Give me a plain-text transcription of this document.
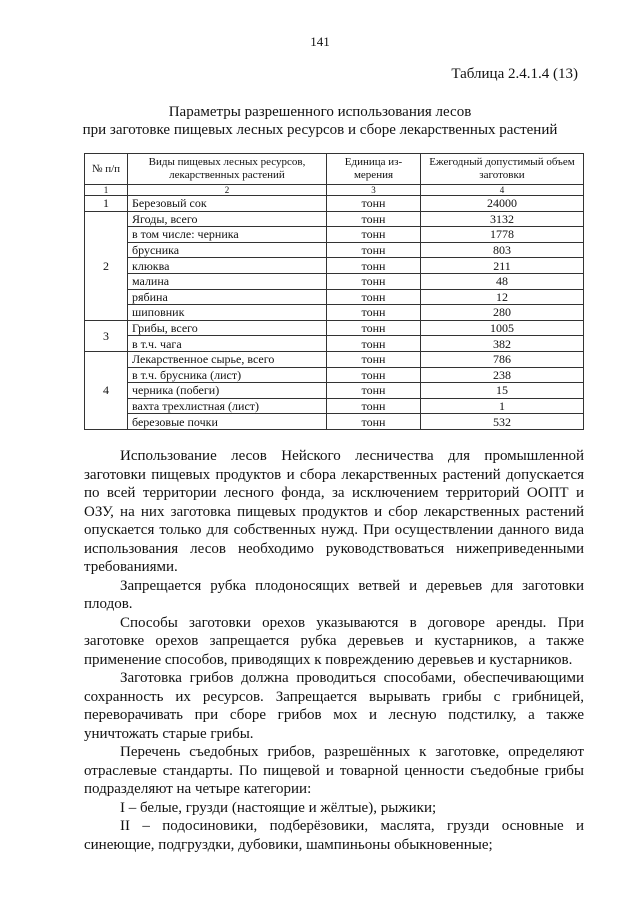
141
Таблица 2.4.1.4 (13)
Параметры разрешенного использования лесов
при заготовке пищевых лесных ресурсов и сборе лекарственных растений
№ п/п	Виды пищевых лесных ресурсов, лекарственных растений	Единица из-мерения	Ежегодный допустимый объем заготовки
1	2	3	4
1	Березовый сок	тонн	24000
2	Ягоды, всего	тонн	3132
	в том числе: черника	тонн	1778
	брусника	тонн	803
	клюква	тонн	211
	малина	тонн	48
	рябина	тонн	12
	шиповник	тонн	280
3	Грибы, всего	тонн	1005
	в т.ч. чага	тонн	382
4	Лекарственное сырье, всего	тонн	786
	в т.ч. брусника (лист)	тонн	238
	черника (побеги)	тонн	15
	вахта трехлистная (лист)	тонн	1
	березовые почки	тонн	532

Использование лесов Нейского лесничества для промышленной заготовки пищевых продуктов и сбора лекарственных растений допускается по всей территории лесного фонда, за исключением территорий ООПТ и ОЗУ, на них заготовка пищевых продуктов и сбор лекарственных растений опускается только для собственных нужд. При осуществлении данного вида использования лесов необходимо руководствоваться нижеприведенными требованиями.

Запрещается рубка плодоносящих ветвей и деревьев для заготовки плодов.

Способы заготовки орехов указываются в договоре аренды. При заготовке орехов запрещается рубка деревьев и кустарников, а также применение способов, приводящих к повреждению деревьев и кустарников.

Заготовка грибов должна проводиться способами, обеспечивающими сохранность их ресурсов. Запрещается вырывать грибы с грибницей, переворачивать при сборе грибов мох и лесную подстилку, а также уничтожать старые грибы.

Перечень съедобных грибов, разрешённых к заготовке, определяют отраслевые стандарты. По пищевой и товарной ценности съедобные грибы подразделяют на четыре категории:

I – белые, грузди (настоящие и жёлтые), рыжики;

II – подосиновики, подберёзовики, маслята, грузди основные и синеющие, подгруздки, дубовики, шампиньоны обыкновенные;
